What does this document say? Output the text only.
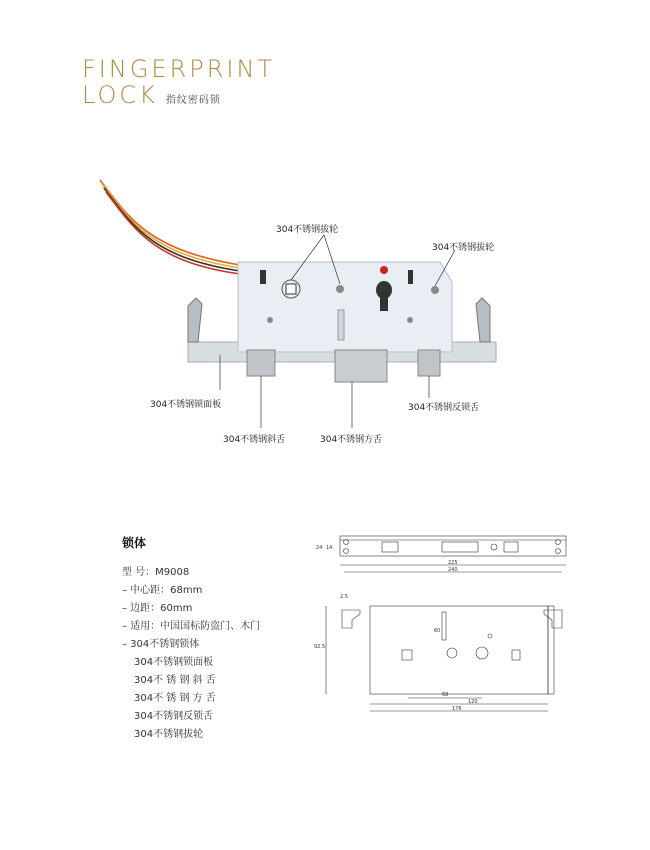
FINGERPRINT
LOCK 指纹密码锁
304不锈钢拔轮
304不锈钢拔轮
304不锈钢锁面板	304不锈钢反锁舌
304不锈钢斜舌	304不锈钢方舌
锁体
型 号：M9008
– 中心距：68mm
– 边距：60mm
– 适用：中国国标防盗门、木门
– 304不锈钢锁体
304不锈钢锁面板
304不 锈 钢 斜 舌
304不 锈 钢 方 舌
304不锈钢反锁舌
304不锈钢拔轮
225
240
24 14
2.5
60
92.5
68
120
176
